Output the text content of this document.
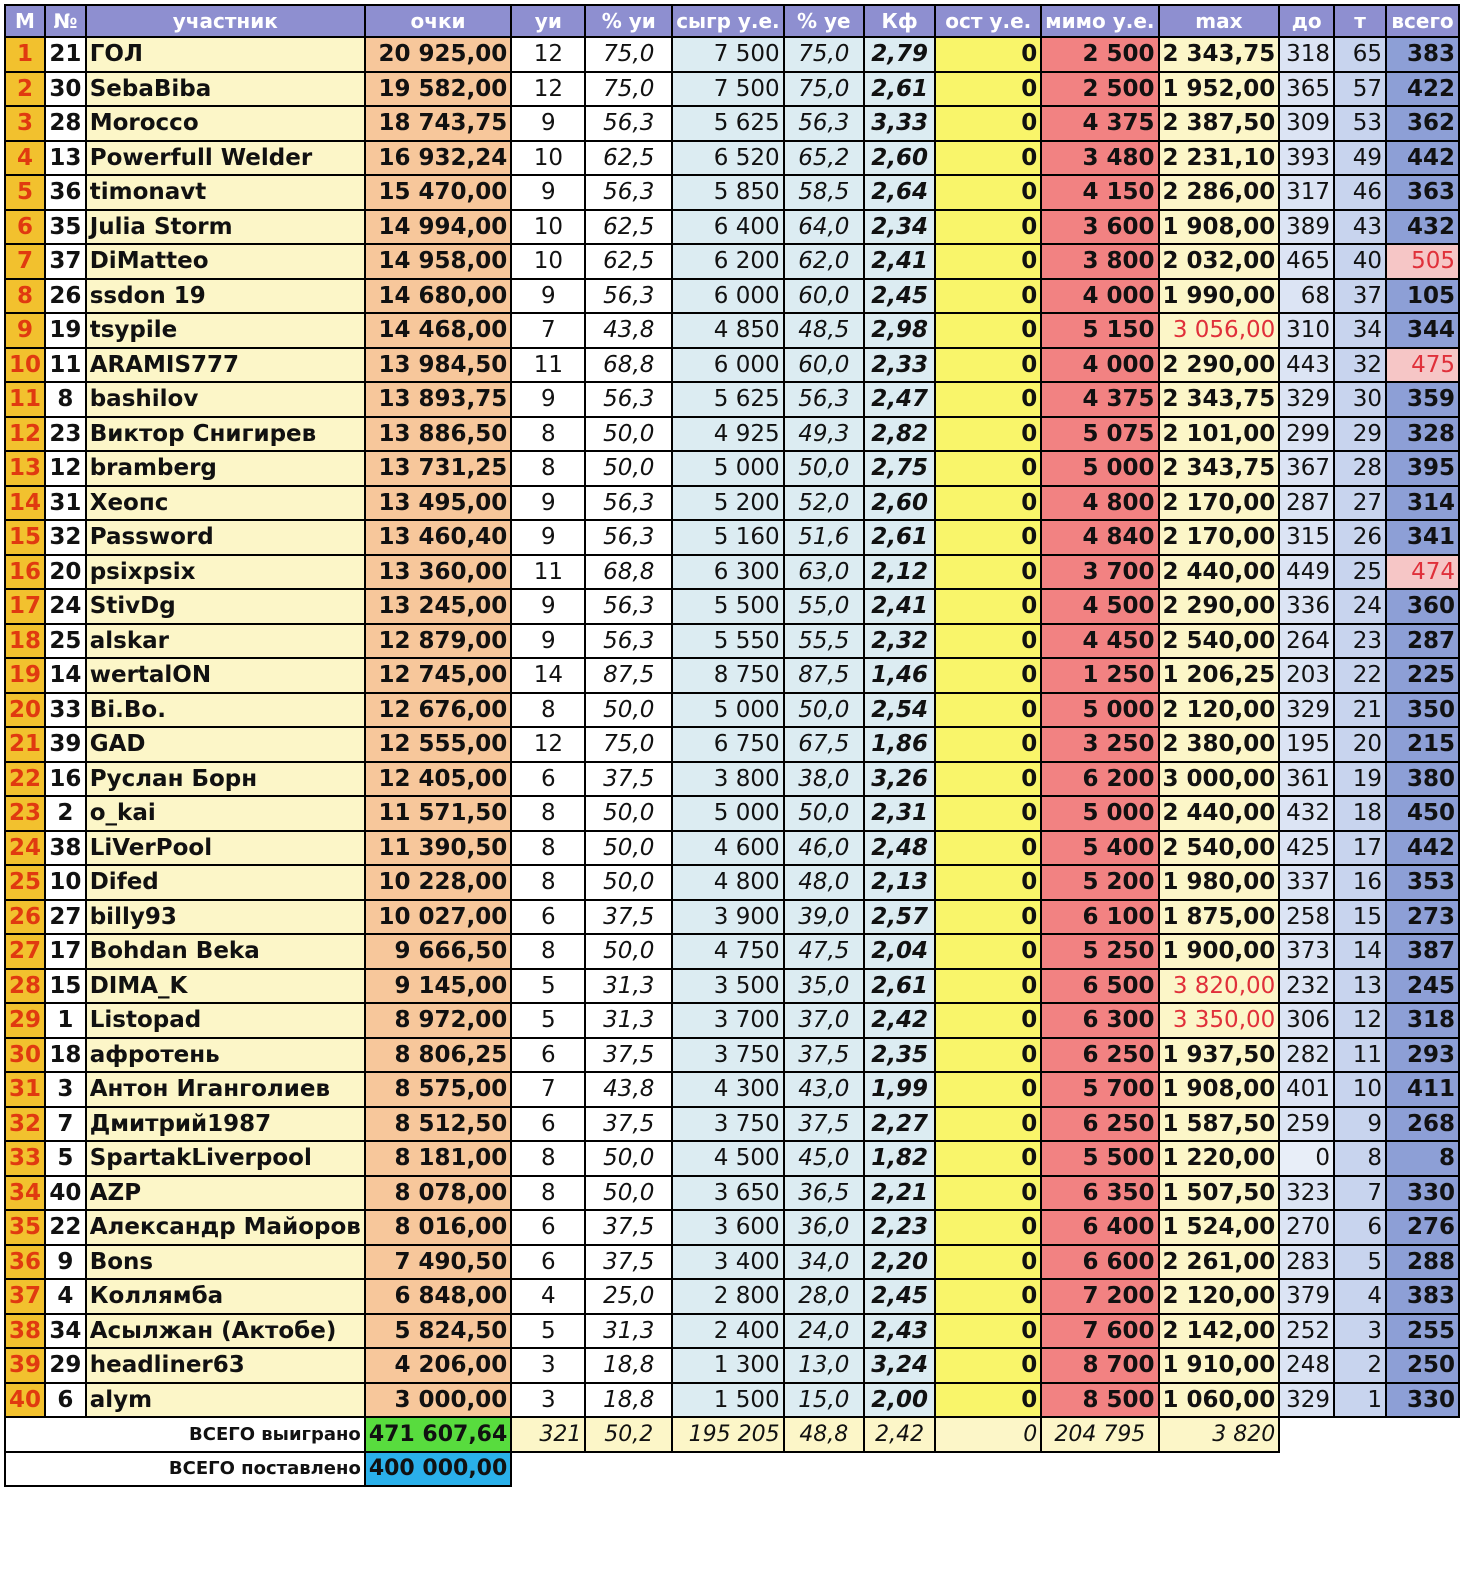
М	№	участник	очки	уи	% уи	сыгр у.е.	% уе	Кф	ост у.е.	мимо у.е.	max	до	т	всего
1	21	ГОЛ	20 925,00	12	75,0	7 500	75,0	2,79	0	2 500	2 343,75	318	65	383
2	30	SebaBiba	19 582,00	12	75,0	7 500	75,0	2,61	0	2 500	1 952,00	365	57	422
3	28	Morocco	18 743,75	9	56,3	5 625	56,3	3,33	0	4 375	2 387,50	309	53	362
4	13	Powerfull Welder	16 932,24	10	62,5	6 520	65,2	2,60	0	3 480	2 231,10	393	49	442
5	36	timonavt	15 470,00	9	56,3	5 850	58,5	2,64	0	4 150	2 286,00	317	46	363
6	35	Julia Storm	14 994,00	10	62,5	6 400	64,0	2,34	0	3 600	1 908,00	389	43	432
7	37	DiMatteo	14 958,00	10	62,5	6 200	62,0	2,41	0	3 800	2 032,00	465	40	505
8	26	ssdon 19	14 680,00	9	56,3	6 000	60,0	2,45	0	4 000	1 990,00	68	37	105
9	19	tsypile	14 468,00	7	43,8	4 850	48,5	2,98	0	5 150	3 056,00	310	34	344
10	11	ARAMIS777	13 984,50	11	68,8	6 000	60,0	2,33	0	4 000	2 290,00	443	32	475
11	8	bashilov	13 893,75	9	56,3	5 625	56,3	2,47	0	4 375	2 343,75	329	30	359
12	23	Виктор Снигирев	13 886,50	8	50,0	4 925	49,3	2,82	0	5 075	2 101,00	299	29	328
13	12	bramberg	13 731,25	8	50,0	5 000	50,0	2,75	0	5 000	2 343,75	367	28	395
14	31	Хеопс	13 495,00	9	56,3	5 200	52,0	2,60	0	4 800	2 170,00	287	27	314
15	32	Password	13 460,40	9	56,3	5 160	51,6	2,61	0	4 840	2 170,00	315	26	341
16	20	psixpsix	13 360,00	11	68,8	6 300	63,0	2,12	0	3 700	2 440,00	449	25	474
17	24	StivDg	13 245,00	9	56,3	5 500	55,0	2,41	0	4 500	2 290,00	336	24	360
18	25	alskar	12 879,00	9	56,3	5 550	55,5	2,32	0	4 450	2 540,00	264	23	287
19	14	wertalON	12 745,00	14	87,5	8 750	87,5	1,46	0	1 250	1 206,25	203	22	225
20	33	Bi.Bo.	12 676,00	8	50,0	5 000	50,0	2,54	0	5 000	2 120,00	329	21	350
21	39	GAD	12 555,00	12	75,0	6 750	67,5	1,86	0	3 250	2 380,00	195	20	215
22	16	Руслан Борн	12 405,00	6	37,5	3 800	38,0	3,26	0	6 200	3 000,00	361	19	380
23	2	o_kai	11 571,50	8	50,0	5 000	50,0	2,31	0	5 000	2 440,00	432	18	450
24	38	LiVerPool	11 390,50	8	50,0	4 600	46,0	2,48	0	5 400	2 540,00	425	17	442
25	10	Difed	10 228,00	8	50,0	4 800	48,0	2,13	0	5 200	1 980,00	337	16	353
26	27	billy93	10 027,00	6	37,5	3 900	39,0	2,57	0	6 100	1 875,00	258	15	273
27	17	Bohdan Beka	9 666,50	8	50,0	4 750	47,5	2,04	0	5 250	1 900,00	373	14	387
28	15	DIMA_K	9 145,00	5	31,3	3 500	35,0	2,61	0	6 500	3 820,00	232	13	245
29	1	Listopad	8 972,00	5	31,3	3 700	37,0	2,42	0	6 300	3 350,00	306	12	318
30	18	афротень	8 806,25	6	37,5	3 750	37,5	2,35	0	6 250	1 937,50	282	11	293
31	3	Антон Иганголиев	8 575,00	7	43,8	4 300	43,0	1,99	0	5 700	1 908,00	401	10	411
32	7	Дмитрий1987	8 512,50	6	37,5	3 750	37,5	2,27	0	6 250	1 587,50	259	9	268
33	5	SpartakLiverpool	8 181,00	8	50,0	4 500	45,0	1,82	0	5 500	1 220,00	0	8	8
34	40	AZP	8 078,00	8	50,0	3 650	36,5	2,21	0	6 350	1 507,50	323	7	330
35	22	Александр Майоров	8 016,00	6	37,5	3 600	36,0	2,23	0	6 400	1 524,00	270	6	276
36	9	Bons	7 490,50	6	37,5	3 400	34,0	2,20	0	6 600	2 261,00	283	5	288
37	4	Коллямба	6 848,00	4	25,0	2 800	28,0	2,45	0	7 200	2 120,00	379	4	383
38	34	Асылжан (Актобе)	5 824,50	5	31,3	2 400	24,0	2,43	0	7 600	2 142,00	252	3	255
39	29	headliner63	4 206,00	3	18,8	1 300	13,0	3,24	0	8 700	1 910,00	248	2	250
40	6	alym	3 000,00	3	18,8	1 500	15,0	2,00	0	8 500	1 060,00	329	1	330
ВСЕГО выиграно			471 607,64	321	50,2	195 205	48,8	2,42	0	204 795	3 820			
ВСЕГО поставлено			400 000,00											
